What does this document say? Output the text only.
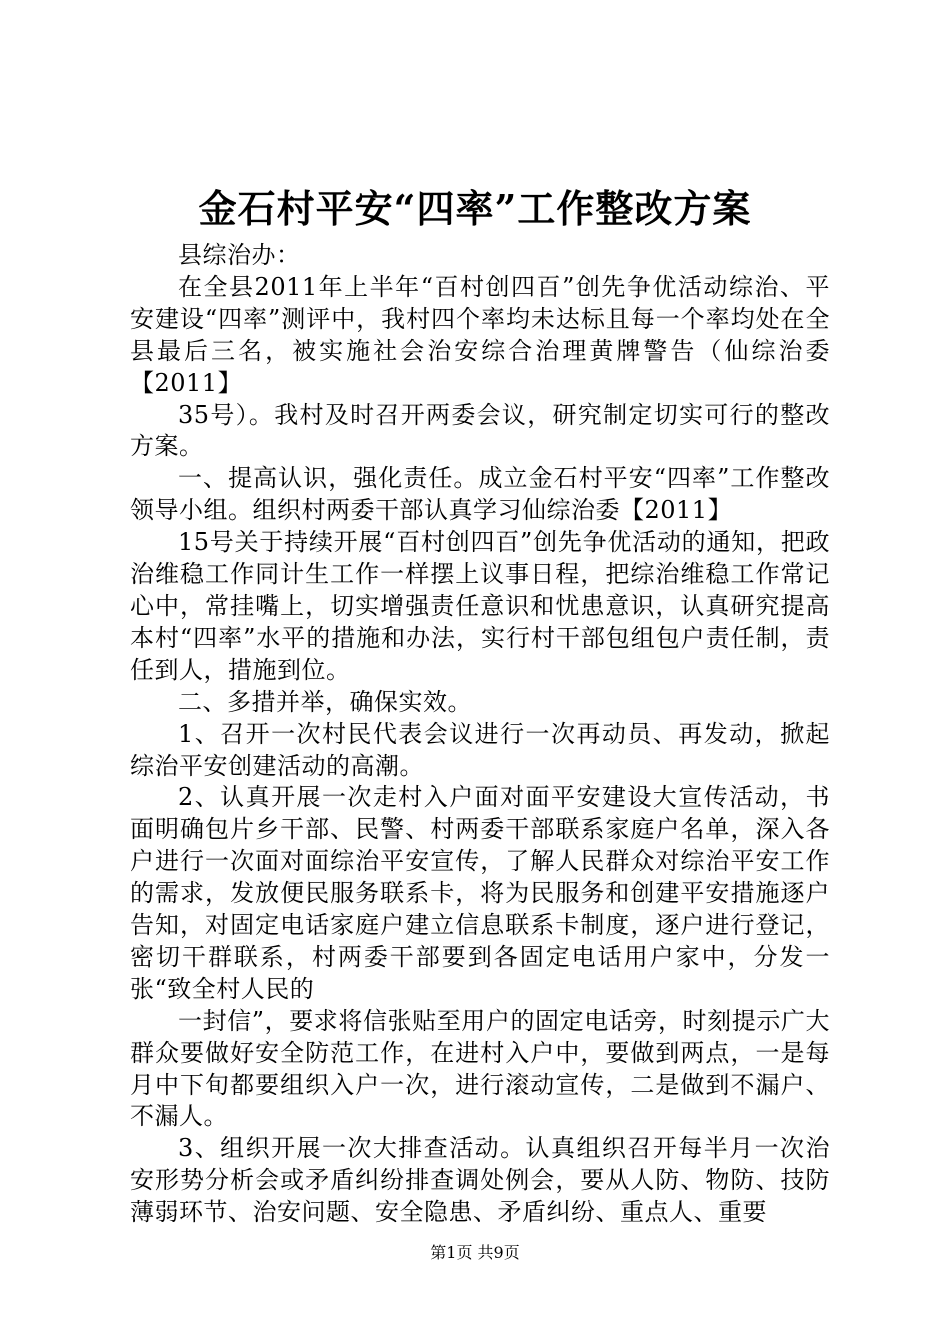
金石村平安“四率”工作整改方案

县综治办：

在全县2011年上半年“百村创四百”创先争优活动综治、平安建设“四率”测评中，我村四个率均未达标且每一个率均处在全县最后三名，被实施社会治安综合治理黄牌警告（仙综治委【2011】

35号）。我村及时召开两委会议，研究制定切实可行的整改方案。

一、提高认识，强化责任。成立金石村平安“四率”工作整改领导小组。组织村两委干部认真学习仙综治委【2011】

15号关于持续开展“百村创四百”创先争优活动的通知，把政治维稳工作同计生工作一样摆上议事日程，把综治维稳工作常记心中，常挂嘴上，切实增强责任意识和忧患意识，认真研究提高本村“四率”水平的措施和办法，实行村干部包组包户责任制，责任到人，措施到位。

二、多措并举，确保实效。

1、召开一次村民代表会议进行一次再动员、再发动，掀起综治平安创建活动的高潮。

2、认真开展一次走村入户面对面平安建设大宣传活动，书面明确包片乡干部、民警、村两委干部联系家庭户名单，深入各户进行一次面对面综治平安宣传，了解人民群众对综治平安工作的需求，发放便民服务联系卡，将为民服务和创建平安措施逐户告知，对固定电话家庭户建立信息联系卡制度，逐户进行登记，密切干群联系，村两委干部要到各固定电话用户家中，分发一张“致全村人民的

一封信”，要求将信张贴至用户的固定电话旁，时刻提示广大群众要做好安全防范工作，在进村入户中，要做到两点，一是每月中下旬都要组织入户一次，进行滚动宣传，二是做到不漏户、不漏人。

3、组织开展一次大排查活动。认真组织召开每半月一次治安形势分析会或矛盾纠纷排查调处例会，要从人防、物防、技防薄弱环节、治安问题、安全隐患、矛盾纠纷、重点人、重要

第1页 共9页
